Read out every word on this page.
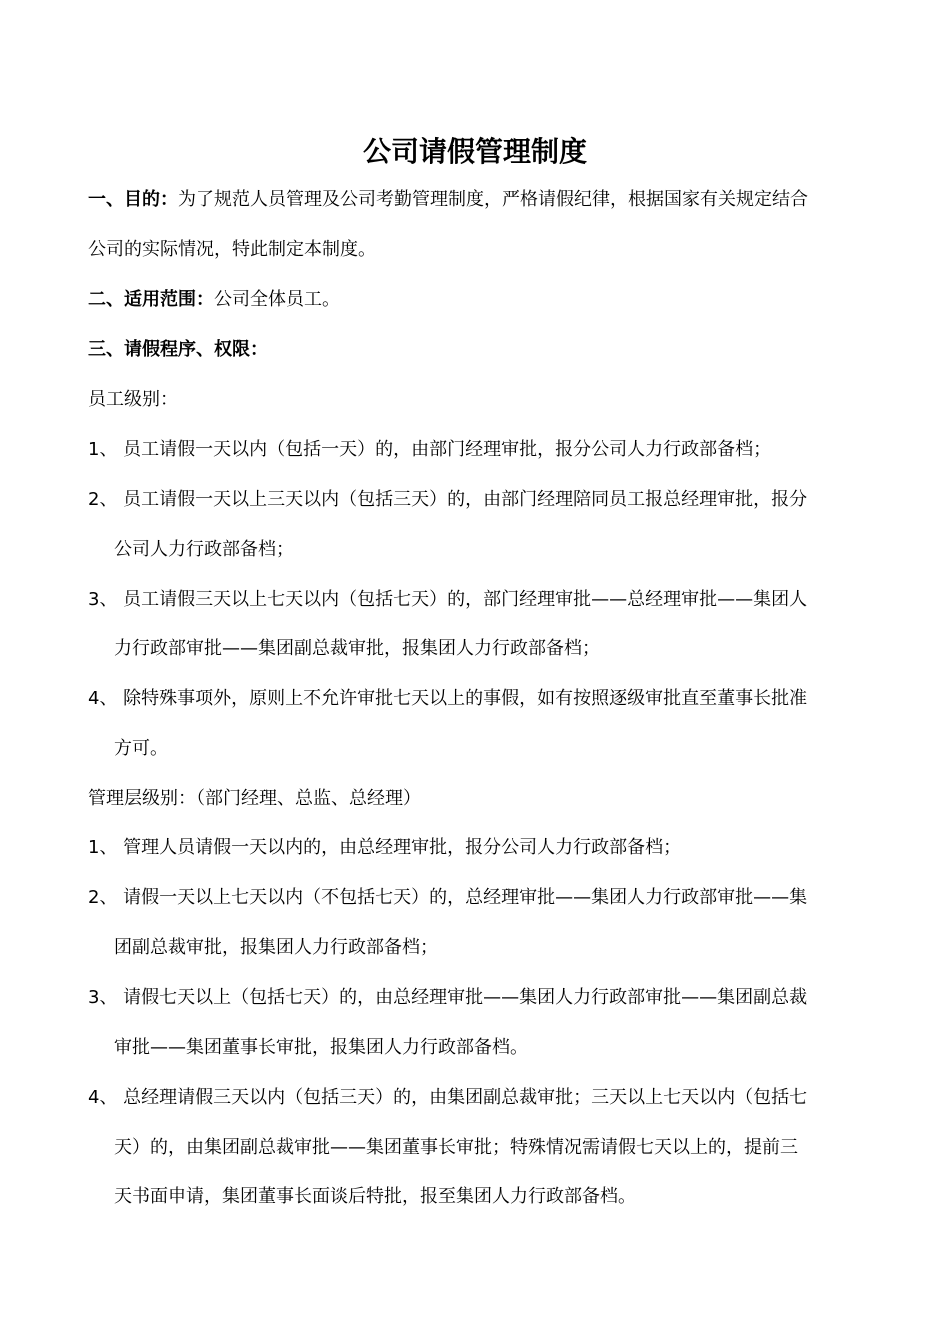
公司请假管理制度
一、目的：为了规范人员管理及公司考勤管理制度，严格请假纪律，根据国家有关规定结合
公司的实际情况，特此制定本制度。
二、适用范围：公司全体员工。
三、请假程序、权限：
员工级别：
1、 员工请假一天以内（包括一天）的，由部门经理审批，报分公司人力行政部备档；
2、 员工请假一天以上三天以内（包括三天）的，由部门经理陪同员工报总经理审批，报分
公司人力行政部备档；
3、 员工请假三天以上七天以内（包括七天）的，部门经理审批——总经理审批——集团人
力行政部审批——集团副总裁审批，报集团人力行政部备档；
4、 除特殊事项外，原则上不允许审批七天以上的事假，如有按照逐级审批直至董事长批准
方可。
管理层级别：（部门经理、总监、总经理）
1、 管理人员请假一天以内的，由总经理审批，报分公司人力行政部备档；
2、 请假一天以上七天以内（不包括七天）的，总经理审批——集团人力行政部审批——集
团副总裁审批，报集团人力行政部备档；
3、 请假七天以上（包括七天）的，由总经理审批——集团人力行政部审批——集团副总裁
审批——集团董事长审批，报集团人力行政部备档。
4、 总经理请假三天以内（包括三天）的，由集团副总裁审批；三天以上七天以内（包括七
天）的，由集团副总裁审批——集团董事长审批；特殊情况需请假七天以上的，提前三
天书面申请，集团董事长面谈后特批，报至集团人力行政部备档。
